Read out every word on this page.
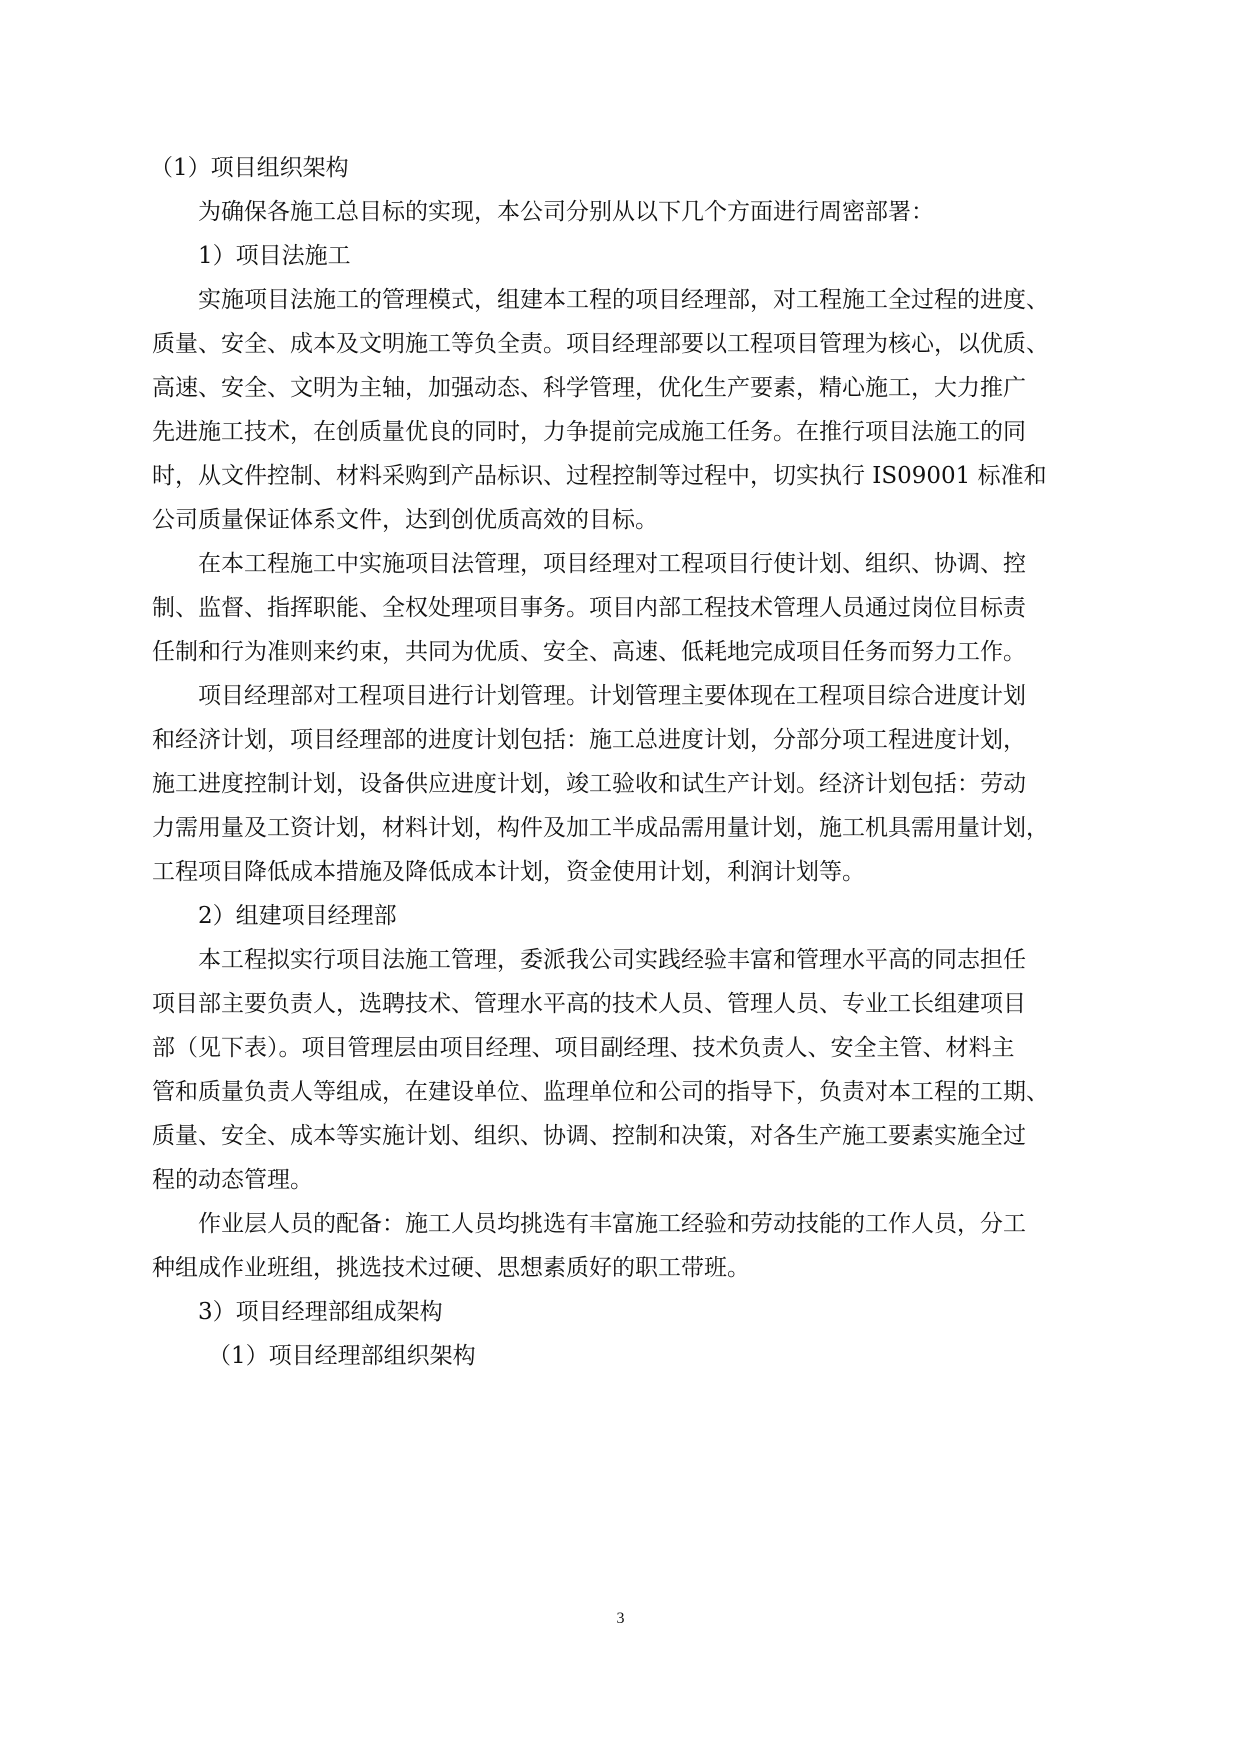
（1）项目组织架构

为确保各施工总目标的实现，本公司分别从以下几个方面进行周密部署：

1）项目法施工

实施项目法施工的管理模式，组建本工程的项目经理部，对工程施工全过程的进度、

质量、安全、成本及文明施工等负全责。项目经理部要以工程项目管理为核心，以优质、

高速、安全、文明为主轴，加强动态、科学管理，优化生产要素，精心施工，大力推广

先进施工技术，在创质量优良的同时，力争提前完成施工任务。在推行项目法施工的同

时，从文件控制、材料采购到产品标识、过程控制等过程中，切实执行 IS09001 标准和

公司质量保证体系文件，达到创优质高效的目标。

在本工程施工中实施项目法管理，项目经理对工程项目行使计划、组织、协调、控

制、监督、指挥职能、全权处理项目事务。项目内部工程技术管理人员通过岗位目标责

任制和行为准则来约束，共同为优质、安全、高速、低耗地完成项目任务而努力工作。

项目经理部对工程项目进行计划管理。计划管理主要体现在工程项目综合进度计划

和经济计划，项目经理部的进度计划包括：施工总进度计划，分部分项工程进度计划，

施工进度控制计划，设备供应进度计划，竣工验收和试生产计划。经济计划包括：劳动

力需用量及工资计划，材料计划，构件及加工半成品需用量计划，施工机具需用量计划，

工程项目降低成本措施及降低成本计划，资金使用计划，利润计划等。

2）组建项目经理部

本工程拟实行项目法施工管理，委派我公司实践经验丰富和管理水平高的同志担任

项目部主要负责人，选聘技术、管理水平高的技术人员、管理人员、专业工长组建项目

部（见下表）。项目管理层由项目经理、项目副经理、技术负责人、安全主管、材料主

管和质量负责人等组成，在建设单位、监理单位和公司的指导下，负责对本工程的工期、

质量、安全、成本等实施计划、组织、协调、控制和决策，对各生产施工要素实施全过

程的动态管理。

作业层人员的配备：施工人员均挑选有丰富施工经验和劳动技能的工作人员，分工

种组成作业班组，挑选技术过硬、思想素质好的职工带班。

3）项目经理部组成架构

（1）项目经理部组织架构

3
